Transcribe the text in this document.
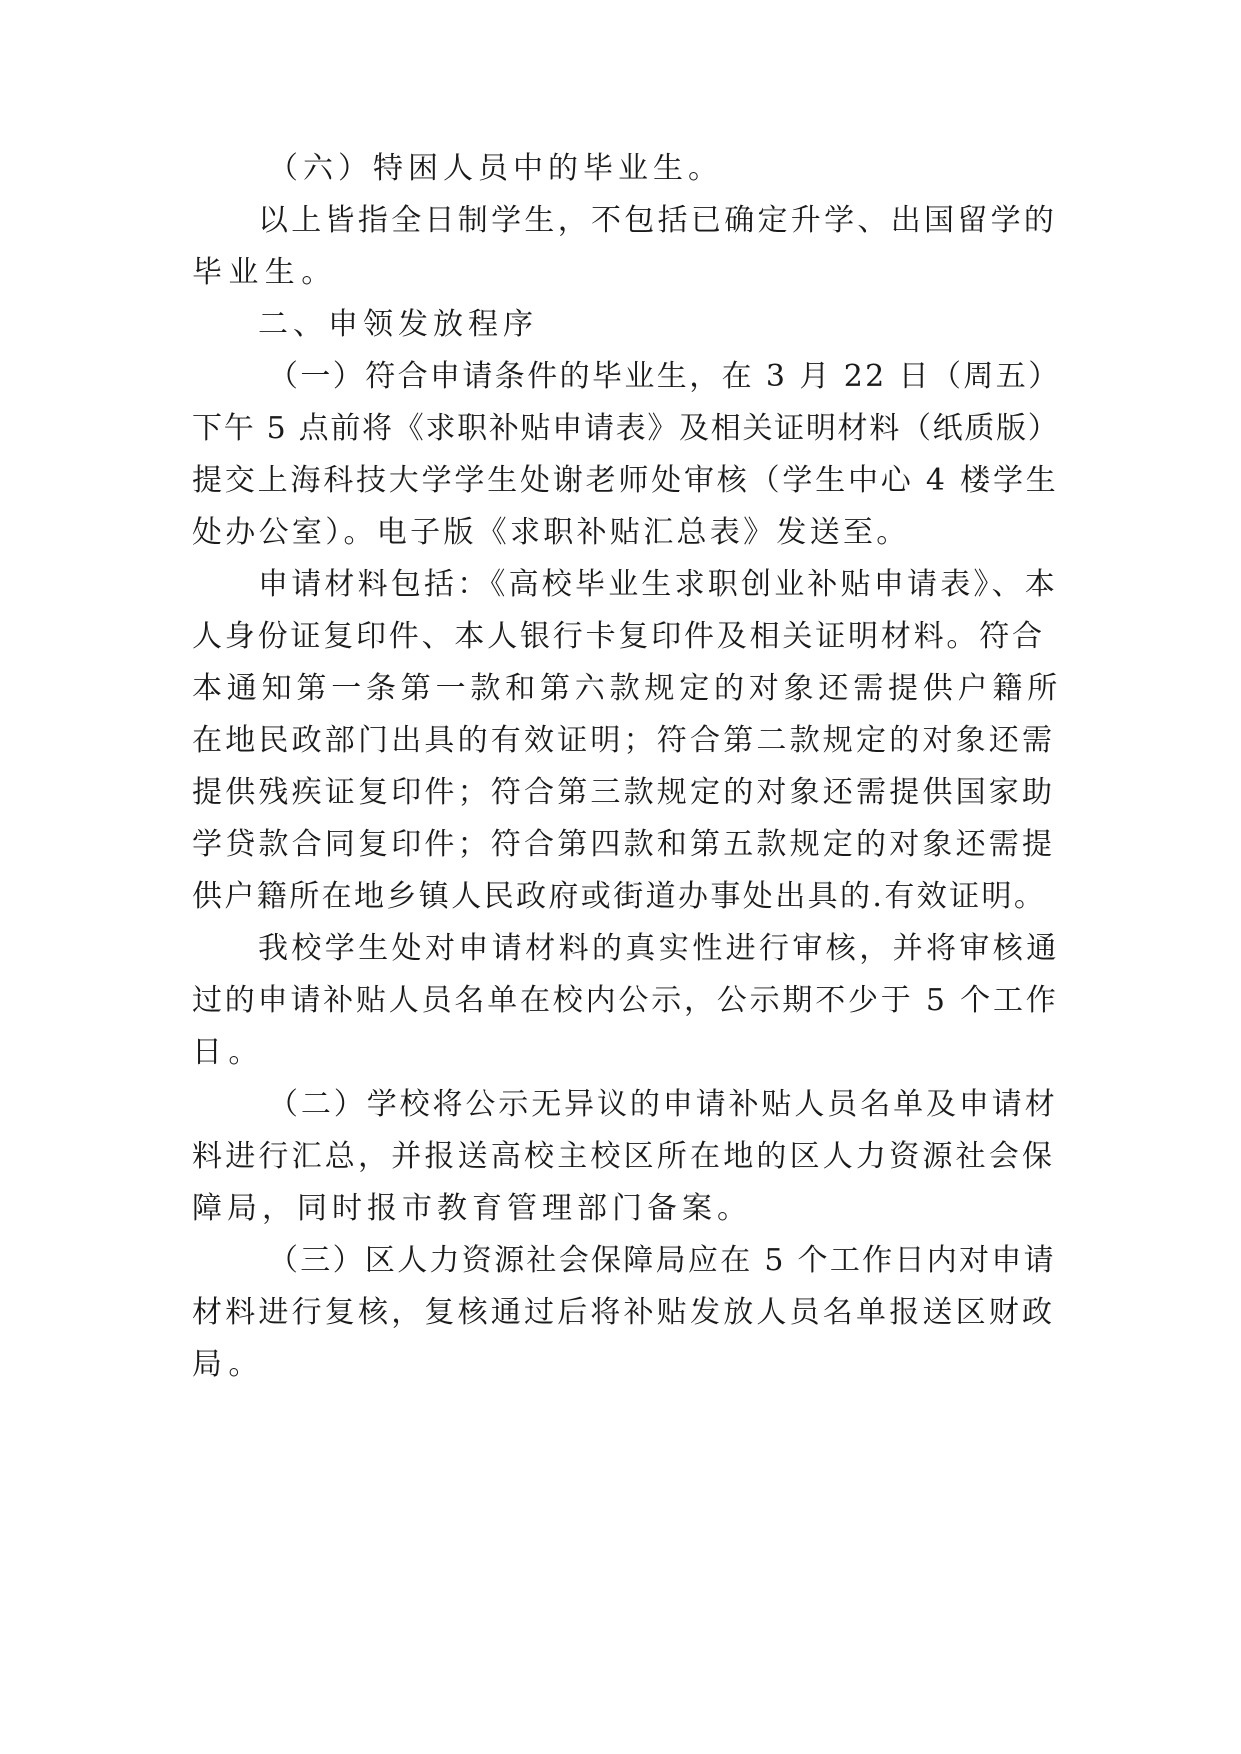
（六）特困人员中的毕业生。
以上皆指全日制学生，不包括已确定升学、出国留学的
毕业生。
二、申领发放程序
（一）符合申请条件的毕业生，在 3 月 22 日（周五）
下午 5 点前将《求职补贴申请表》及相关证明材料（纸质版）
提交上海科技大学学生处谢老师处审核（学生中心 4 楼学生
处办公室）。电子版《求职补贴汇总表》发送至。
申请材料包括：《高校毕业生求职创业补贴申请表》、本
人身份证复印件、本人银行卡复印件及相关证明材料。符合
本通知第一条第一款和第六款规定的对象还需提供户籍所
在地民政部门出具的有效证明；符合第二款规定的对象还需
提供残疾证复印件；符合第三款规定的对象还需提供国家助
学贷款合同复印件；符合第四款和第五款规定的对象还需提
供户籍所在地乡镇人民政府或街道办事处出具的.有效证明。
我校学生处对申请材料的真实性进行审核，并将审核通
过的申请补贴人员名单在校内公示，公示期不少于 5 个工作
日。
（二）学校将公示无异议的申请补贴人员名单及申请材
料进行汇总，并报送高校主校区所在地的区人力资源社会保
障局，同时报市教育管理部门备案。
（三）区人力资源社会保障局应在 5 个工作日内对申请
材料进行复核，复核通过后将补贴发放人员名单报送区财政
局。
